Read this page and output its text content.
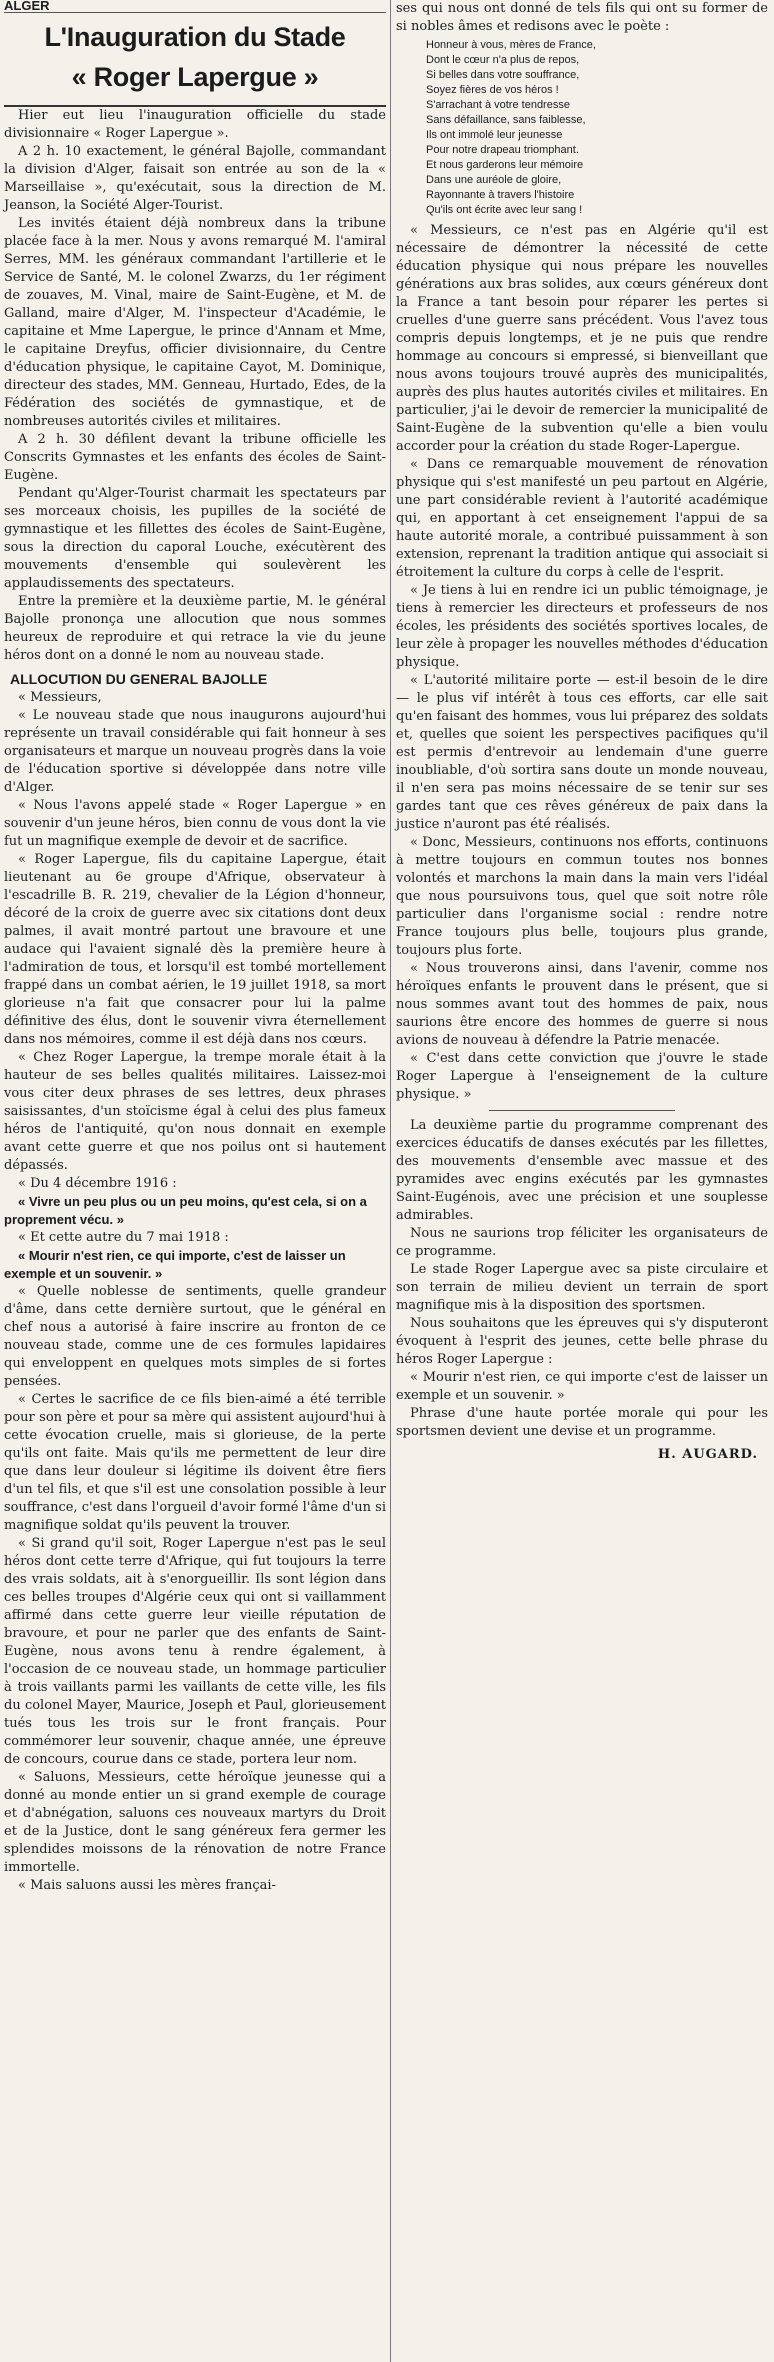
ALGER
L'Inauguration du Stade
« Roger Lapergue »

Hier eut lieu l'inauguration officielle du stade divisionnaire « Roger Lapergue ».

A 2 h. 10 exactement, le général Bajolle, commandant la division d'Alger, faisait son entrée au son de la « Marseillaise », qu'exécutait, sous la direction de M. Jeanson, la Société Alger-Tourist.

Les invités étaient déjà nombreux dans la tribune placée face à la mer. Nous y avons remarqué M. l'amiral Serres, MM. les généraux commandant l'artillerie et le Service de Santé, M. le colonel Zwarzs, du 1er régiment de zouaves, M. Vinal, maire de Saint-Eugène, et M. de Galland, maire d'Alger, M. l'inspecteur d'Académie, le capitaine et Mme Lapergue, le prince d'Annam et Mme, le capitaine Dreyfus, officier divisionnaire, du Centre d'éducation physique, le capitaine Cayot, M. Dominique, directeur des stades, MM. Genneau, Hurtado, Edes, de la Fédération des sociétés de gymnastique, et de nombreuses autorités civiles et militaires.

A 2 h. 30 défilent devant la tribune officielle les Conscrits Gymnastes et les enfants des écoles de Saint-Eugène.

Pendant qu'Alger-Tourist charmait les spectateurs par ses morceaux choisis, les pupilles de la société de gymnastique et les fillettes des écoles de Saint-Eugène, sous la direction du caporal Louche, exécutèrent des mouvements d'ensemble qui soulevèrent les applaudissements des spectateurs.

Entre la première et la deuxième partie, M. le général Bajolle prononça une allocution que nous sommes heureux de reproduire et qui retrace la vie du jeune héros dont on a donné le nom au nouveau stade.

ALLOCUTION DU GENERAL BAJOLLE

« Messieurs,

« Le nouveau stade que nous inaugurons aujourd'hui représente un travail considérable qui fait honneur à ses organisateurs et marque un nouveau progrès dans la voie de l'éducation sportive si développée dans notre ville d'Alger.

« Nous l'avons appelé stade « Roger Lapergue » en souvenir d'un jeune héros, bien connu de vous dont la vie fut un magnifique exemple de devoir et de sacrifice.

« Roger Lapergue, fils du capitaine Lapergue, était lieutenant au 6e groupe d'Afrique, observateur à l'escadrille B. R. 219, chevalier de la Légion d'honneur, décoré de la croix de guerre avec six citations dont deux palmes, il avait montré partout une bravoure et une audace qui l'avaient signalé dès la première heure à l'admiration de tous, et lorsqu'il est tombé mortellement frappé dans un combat aérien, le 19 juillet 1918, sa mort glorieuse n'a fait que consacrer pour lui la palme définitive des élus, dont le souvenir vivra éternellement dans nos mémoires, comme il est déjà dans nos cœurs.

« Chez Roger Lapergue, la trempe morale était à la hauteur de ses belles qualités militaires. Laissez-moi vous citer deux phrases de ses lettres, deux phrases saisissantes, d'un stoïcisme égal à celui des plus fameux héros de l'antiquité, qu'on nous donnait en exemple avant cette guerre et que nos poilus ont si hautement dépassés.

« Du 4 décembre 1916 :

« Vivre un peu plus ou un peu moins, qu'est cela, si on a proprement vécu. »

« Et cette autre du 7 mai 1918 :

« Mourir n'est rien, ce qui importe, c'est de laisser un exemple et un souvenir. »

« Quelle noblesse de sentiments, quelle grandeur d'âme, dans cette dernière surtout, que le général en chef nous a autorisé à faire inscrire au fronton de ce nouveau stade, comme une de ces formules lapidaires qui enveloppent en quelques mots simples de si fortes pensées.

« Certes le sacrifice de ce fils bien-aimé a été terrible pour son père et pour sa mère qui assistent aujourd'hui à cette évocation cruelle, mais si glorieuse, de la perte qu'ils ont faite. Mais qu'ils me permettent de leur dire que dans leur douleur si légitime ils doivent être fiers d'un tel fils, et que s'il est une consolation possible à leur souffrance, c'est dans l'orgueil d'avoir formé l'âme d'un si magnifique soldat qu'ils peuvent la trouver.

« Si grand qu'il soit, Roger Lapergue n'est pas le seul héros dont cette terre d'Afrique, qui fut toujours la terre des vrais soldats, ait à s'enorgueillir. Ils sont légion dans ces belles troupes d'Algérie ceux qui ont si vaillamment affirmé dans cette guerre leur vieille réputation de bravoure, et pour ne parler que des enfants de Saint-Eugène, nous avons tenu à rendre également, à l'occasion de ce nouveau stade, un hommage particulier à trois vaillants parmi les vaillants de cette ville, les fils du colonel Mayer, Maurice, Joseph et Paul, glorieusement tués tous les trois sur le front français. Pour commémorer leur souvenir, chaque année, une épreuve de concours, courue dans ce stade, portera leur nom.

« Saluons, Messieurs, cette héroïque jeunesse qui a donné au monde entier un si grand exemple de courage et d'abnégation, saluons ces nouveaux martyrs du Droit et de la Justice, dont le sang généreux fera germer les splendides moissons de la rénovation de notre France immortelle.

« Mais saluons aussi les mères françai-

ses qui nous ont donné de tels fils qui ont su former de si nobles âmes et redisons avec le poète :

Honneur à vous, mères de France,
Dont le cœur n'a plus de repos,
Si belles dans votre souffrance,
Soyez fières de vos héros !
S'arrachant à votre tendresse
Sans défaillance, sans faiblesse,
Ils ont immolé leur jeunesse
Pour notre drapeau triomphant.
Et nous garderons leur mémoire
Dans une auréole de gloire,
Rayonnante à travers l'histoire
Qu'ils ont écrite avec leur sang !

« Messieurs, ce n'est pas en Algérie qu'il est nécessaire de démontrer la nécessité de cette éducation physique qui nous prépare les nouvelles générations aux bras solides, aux cœurs généreux dont la France a tant besoin pour réparer les pertes si cruelles d'une guerre sans précédent. Vous l'avez tous compris depuis longtemps, et je ne puis que rendre hommage au concours si empressé, si bienveillant que nous avons toujours trouvé auprès des municipalités, auprès des plus hautes autorités civiles et militaires. En particulier, j'ai le devoir de remercier la municipalité de Saint-Eugène de la subvention qu'elle a bien voulu accorder pour la création du stade Roger-Lapergue.

« Dans ce remarquable mouvement de rénovation physique qui s'est manifesté un peu partout en Algérie, une part considérable revient à l'autorité académique qui, en apportant à cet enseignement l'appui de sa haute autorité morale, a contribué puissamment à son extension, reprenant la tradition antique qui associait si étroitement la culture du corps à celle de l'esprit.

« Je tiens à lui en rendre ici un public témoignage, je tiens à remercier les directeurs et professeurs de nos écoles, les présidents des sociétés sportives locales, de leur zèle à propager les nouvelles méthodes d'éducation physique.

« L'autorité militaire porte — est-il besoin de le dire — le plus vif intérêt à tous ces efforts, car elle sait qu'en faisant des hommes, vous lui préparez des soldats et, quelles que soient les perspectives pacifiques qu'il est permis d'entrevoir au lendemain d'une guerre inoubliable, d'où sortira sans doute un monde nouveau, il n'en sera pas moins nécessaire de se tenir sur ses gardes tant que ces rêves généreux de paix dans la justice n'auront pas été réalisés.

« Donc, Messieurs, continuons nos efforts, continuons à mettre toujours en commun toutes nos bonnes volontés et marchons la main dans la main vers l'idéal que nous poursuivons tous, quel que soit notre rôle particulier dans l'organisme social : rendre notre France toujours plus belle, toujours plus grande, toujours plus forte.

« Nous trouverons ainsi, dans l'avenir, comme nos héroïques enfants le prouvent dans le présent, que si nous sommes avant tout des hommes de paix, nous saurions être encore des hommes de guerre si nous avions de nouveau à défendre la Patrie menacée.

« C'est dans cette conviction que j'ouvre le stade Roger Lapergue à l'enseignement de la culture physique. »

La deuxième partie du programme comprenant des exercices éducatifs de danses exécutés par les fillettes, des mouvements d'ensemble avec massue et des pyramides avec engins exécutés par les gymnastes Saint-Eugénois, avec une précision et une souplesse admirables.

Nous ne saurions trop féliciter les organisateurs de ce programme.

Le stade Roger Lapergue avec sa piste circulaire et son terrain de milieu devient un terrain de sport magnifique mis à la disposition des sportsmen.

Nous souhaitons que les épreuves qui s'y disputeront évoquent à l'esprit des jeunes, cette belle phrase du héros Roger Lapergue :

« Mourir n'est rien, ce qui importe c'est de laisser un exemple et un souvenir. »

Phrase d'une haute portée morale qui pour les sportsmen devient une devise et un programme.

H. AUGARD.
